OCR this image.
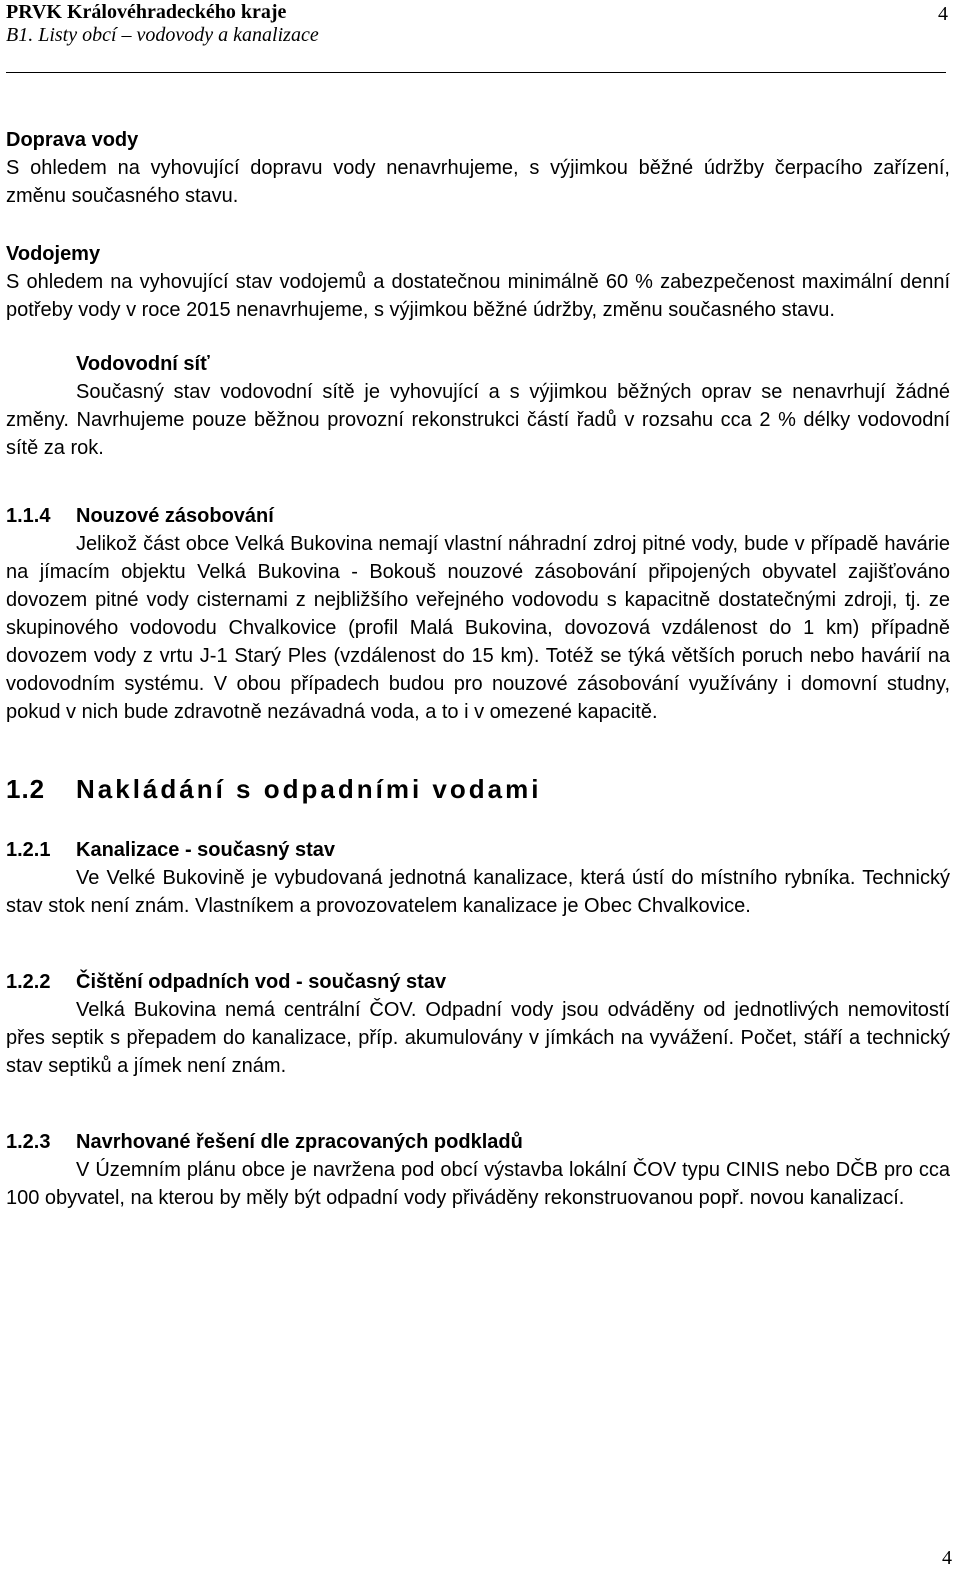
PRVK Královéhradeckého kraje
B1. Listy obcí – vodovody a kanalizace
4

Doprava vody

S ohledem na vyhovující dopravu vody nenavrhujeme, s výjimkou běžné údržby čerpacího zařízení, změnu současného stavu.

Vodojemy

S ohledem na vyhovující stav vodojemů a dostatečnou minimálně 60 % zabezpečenost maximální denní potřeby vody v roce 2015 nenavrhujeme, s výjimkou běžné údržby, změnu současného stavu.

Vodovodní síť

Současný stav vodovodní sítě je vyhovující a s výjimkou běžných oprav se nenavrhují žádné změny. Navrhujeme pouze běžnou provozní rekonstrukci částí řadů v rozsahu cca 2 % délky vodovodní sítě za rok.

1.1.4	Nouzové zásobování

Jelikož část obce Velká Bukovina nemají vlastní náhradní zdroj pitné vody, bude v případě havárie na jímacím objektu Velká Bukovina - Bokouš nouzové zásobování připojených obyvatel zajišťováno dovozem pitné vody cisternami z nejbližšího veřejného vodovodu s kapacitně dostatečnými zdroji, tj. ze skupinového vodovodu Chvalkovice (profil Malá Bukovina, dovozová vzdálenost do 1 km) případně dovozem vody z vrtu J-1 Starý Ples (vzdálenost do 15 km). Totéž se týká větších poruch nebo havárií na vodovodním systému. V obou případech budou pro nouzové zásobování využívány i domovní studny, pokud v nich bude zdravotně nezávadná voda, a to i v omezené kapacitě.

1.2	Nakládání s odpadními vodami

1.2.1	Kanalizace - současný stav

Ve Velké Bukovině je vybudovaná jednotná kanalizace, která ústí do místního rybníka. Technický stav stok není znám. Vlastníkem a provozovatelem kanalizace je Obec Chvalkovice.

1.2.2	Čištění odpadních vod - současný stav

Velká Bukovina nemá centrální ČOV. Odpadní vody jsou odváděny od jednotlivých nemovitostí přes septik s přepadem do kanalizace, příp. akumulovány v jímkách na vyvážení. Počet, stáří a technický stav septiků a jímek není znám.

1.2.3	Navrhované řešení dle zpracovaných podkladů

V Územním plánu obce je navržena pod obcí výstavba lokální ČOV typu CINIS nebo DČB pro cca 100 obyvatel, na kterou by měly být odpadní vody přiváděny rekonstruovanou popř. novou kanalizací.

4
